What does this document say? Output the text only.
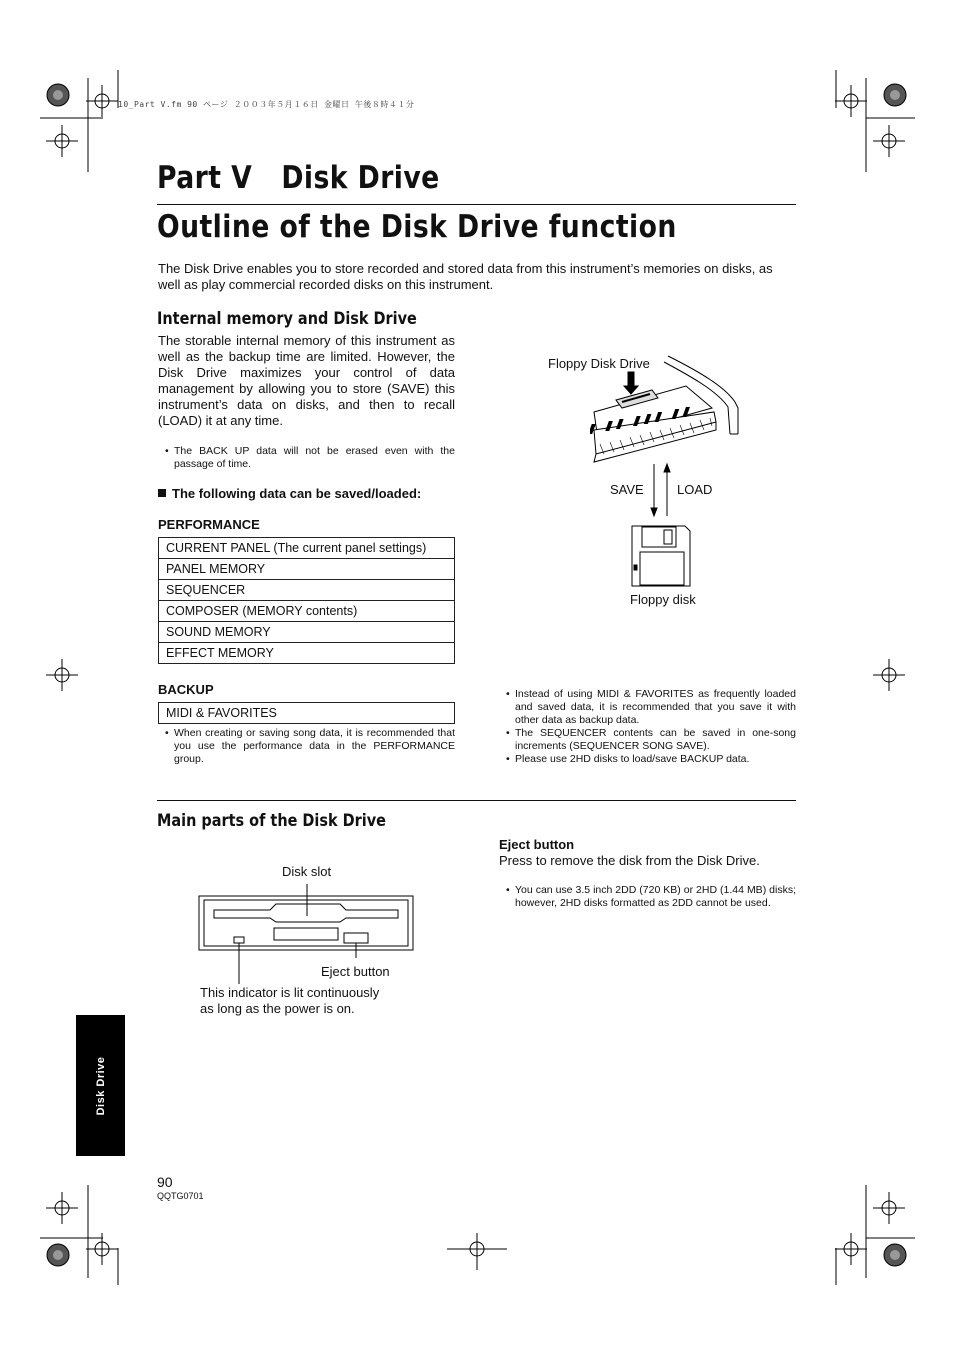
10_Part V.fm 90 ページ ２００３年５月１６日 金曜日 午後８時４１分
Part V   Disk Drive
Outline of the Disk Drive function
The Disk Drive enables you to store recorded and stored data from this instrument’s memories on disks, as well as play commercial recorded disks on this instrument.
Internal memory and Disk Drive
The storable internal memory of this instrument as well as the backup time are limited. However, the Disk Drive maximizes your control of data management by allowing you to store (SAVE) this instrument’s data on disks, and then to recall (LOAD) it at any time.
• The BACK UP data will not be erased even with the passage of time.
The following data can be saved/loaded:
PERFORMANCE
CURRENT PANEL (The current panel settings)
PANEL MEMORY
SEQUENCER
COMPOSER (MEMORY contents)
SOUND MEMORY
EFFECT MEMORY
BACKUP
MIDI & FAVORITES
• When creating or saving song data, it is recommended that you use the performance data in the PERFORMANCE group.
Floppy Disk Drive
SAVE	LOAD
Floppy disk
• Instead of using MIDI & FAVORITES as frequently loaded and saved data, it is recommended that you save it with other data as backup data.
• The SEQUENCER contents can be saved in one-song increments (SEQUENCER SONG SAVE).
• Please use 2HD disks to load/save BACKUP data.
Main parts of the Disk Drive
Disk slot
Eject button
This indicator is lit continuously
as long as the power is on.
Eject button
Press to remove the disk from the Disk Drive.
• You can use 3.5 inch 2DD (720 KB) or 2HD (1.44 MB) disks; however, 2HD disks formatted as 2DD cannot be used.
Disk Drive
90
QQTG0701
